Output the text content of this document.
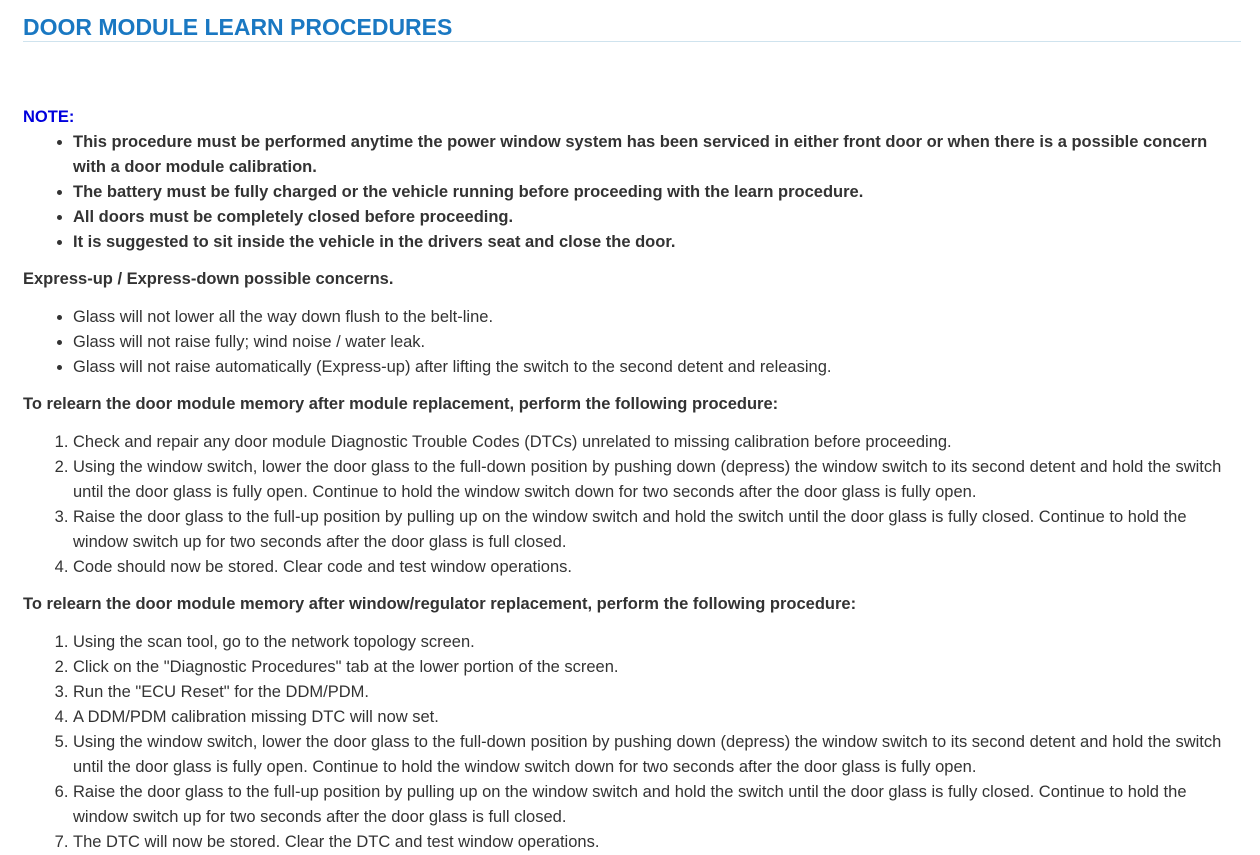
DOOR MODULE LEARN PROCEDURES

NOTE:

• This procedure must be performed anytime the power window system has been serviced in either front door or when there is a possible concern with a door module calibration.
• The battery must be fully charged or the vehicle running before proceeding with the learn procedure.
• All doors must be completely closed before proceeding.
• It is suggested to sit inside the vehicle in the drivers seat and close the door.

Express-up / Express-down possible concerns.

• Glass will not lower all the way down flush to the belt-line.
• Glass will not raise fully; wind noise / water leak.
• Glass will not raise automatically (Express-up) after lifting the switch to the second detent and releasing.

To relearn the door module memory after module replacement, perform the following procedure:

1. Check and repair any door module Diagnostic Trouble Codes (DTCs) unrelated to missing calibration before proceeding.
2. Using the window switch, lower the door glass to the full-down position by pushing down (depress) the window switch to its second detent and hold the switch until the door glass is fully open. Continue to hold the window switch down for two seconds after the door glass is fully open.
3. Raise the door glass to the full-up position by pulling up on the window switch and hold the switch until the door glass is fully closed. Continue to hold the window switch up for two seconds after the door glass is full closed.
4. Code should now be stored. Clear code and test window operations.

To relearn the door module memory after window/regulator replacement, perform the following procedure:

1. Using the scan tool, go to the network topology screen.
2. Click on the "Diagnostic Procedures" tab at the lower portion of the screen.
3. Run the "ECU Reset" for the DDM/PDM.
4. A DDM/PDM calibration missing DTC will now set.
5. Using the window switch, lower the door glass to the full-down position by pushing down (depress) the window switch to its second detent and hold the switch until the door glass is fully open. Continue to hold the window switch down for two seconds after the door glass is fully open.
6. Raise the door glass to the full-up position by pulling up on the window switch and hold the switch until the door glass is fully closed. Continue to hold the window switch up for two seconds after the door glass is full closed.
7. The DTC will now be stored. Clear the DTC and test window operations.
